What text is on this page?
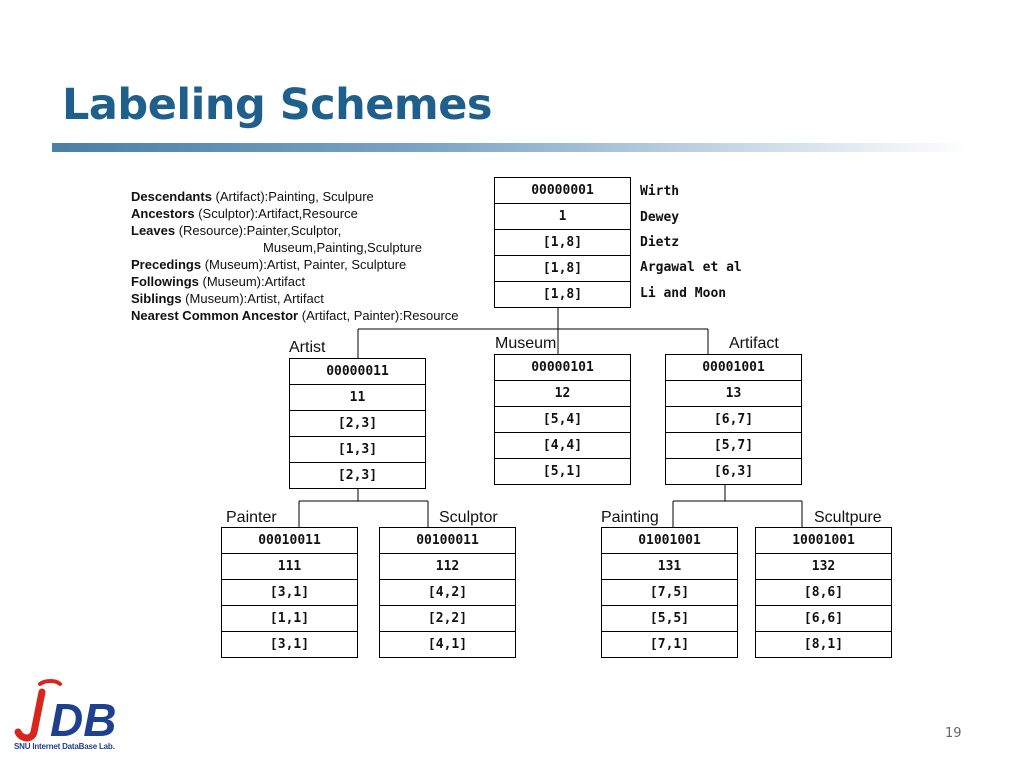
Labeling Schemes
Descendants (Artifact):Painting, Sculpure
Ancestors (Sculptor):Artifact,Resource
Leaves (Resource):Painter,Sculptor,
Museum,Painting,Sculpture
Precedings (Museum):Artist, Painter, Sculpture
Followings (Museum):Artifact
Siblings (Museum):Artist, Artifact
Nearest Common Ancestor (Artifact, Painter):Resource
00000001
1
[1,8]
[1,8]
[1,8]
Wirth
Dewey
Dietz
Argawal et al
Li and Moon
Artist
00000011
11
[2,3]
[1,3]
[2,3]
Museum
00000101
12
[5,4]
[4,4]
[5,1]
Artifact
00001001
13
[6,7]
[5,7]
[6,3]
Painter
00010011
111
[3,1]
[1,1]
[3,1]
Sculptor
00100011
112
[4,2]
[2,2]
[4,1]
Painting
01001001
131
[7,5]
[5,5]
[7,1]
Scultpure
10001001
132
[8,6]
[6,6]
[8,1]
DB
SNU Internet DataBase Lab.
19
